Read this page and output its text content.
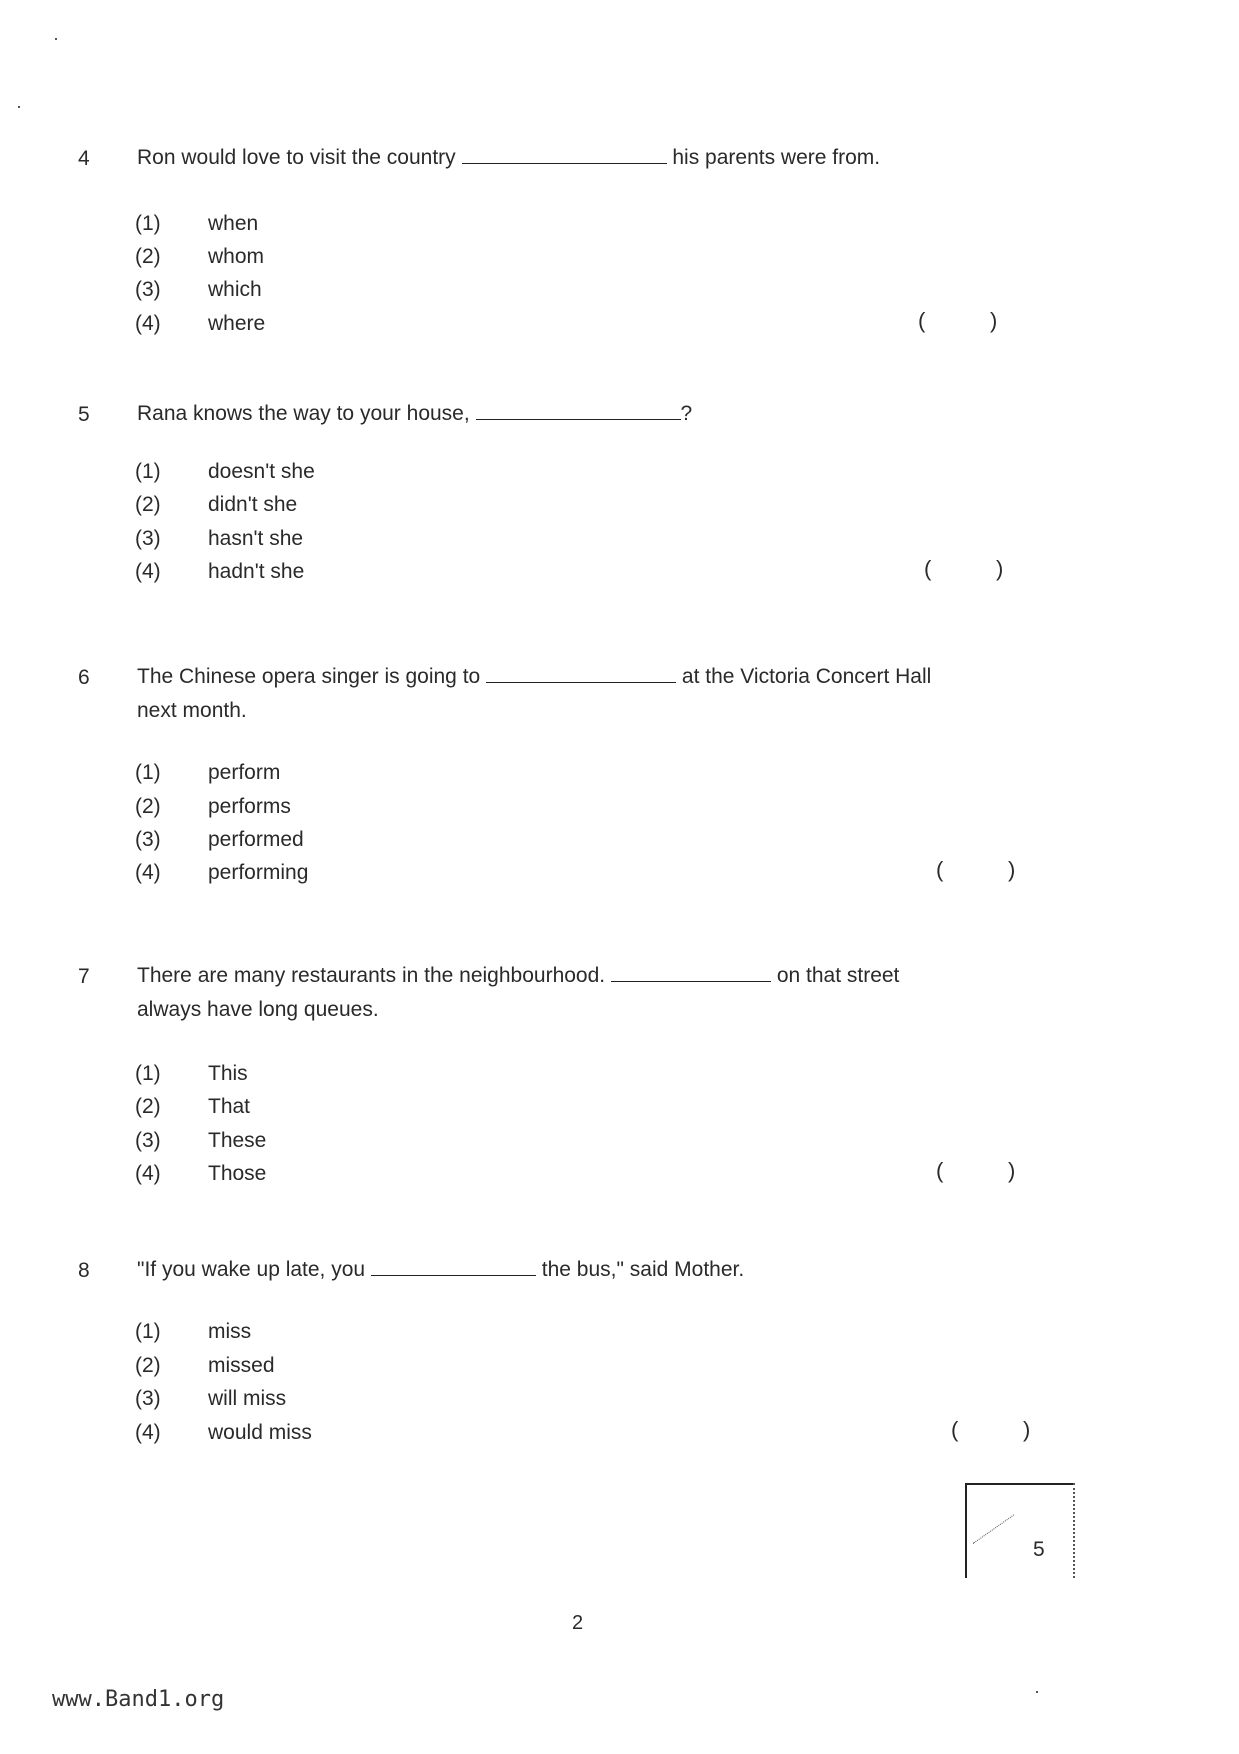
4 Ron would love to visit the country	his parents were from.
(1) when
(2) whom
(3) which
(4) where	(	)
5 Rana knows the way to your house,	?
(1) doesn't she
(2) didn't she
(3) hasn't she
(4) hadn't she	(	)
6 The Chinese opera singer is going to	at the Victoria Concert Hall
next month.
(1) perform
(2) performs
(3) performed
(4) performing	(	)
7 There are many restaurants in the neighbourhood.	on that street
always have long queues.
(1) This
(2) That
(3) These
(4) Those	(	)
8 "If you wake up late, you	the bus," said Mother.
(1) miss
(2) missed
(3) will miss
(4) would miss	(	)
5
2
www.Band1.org
